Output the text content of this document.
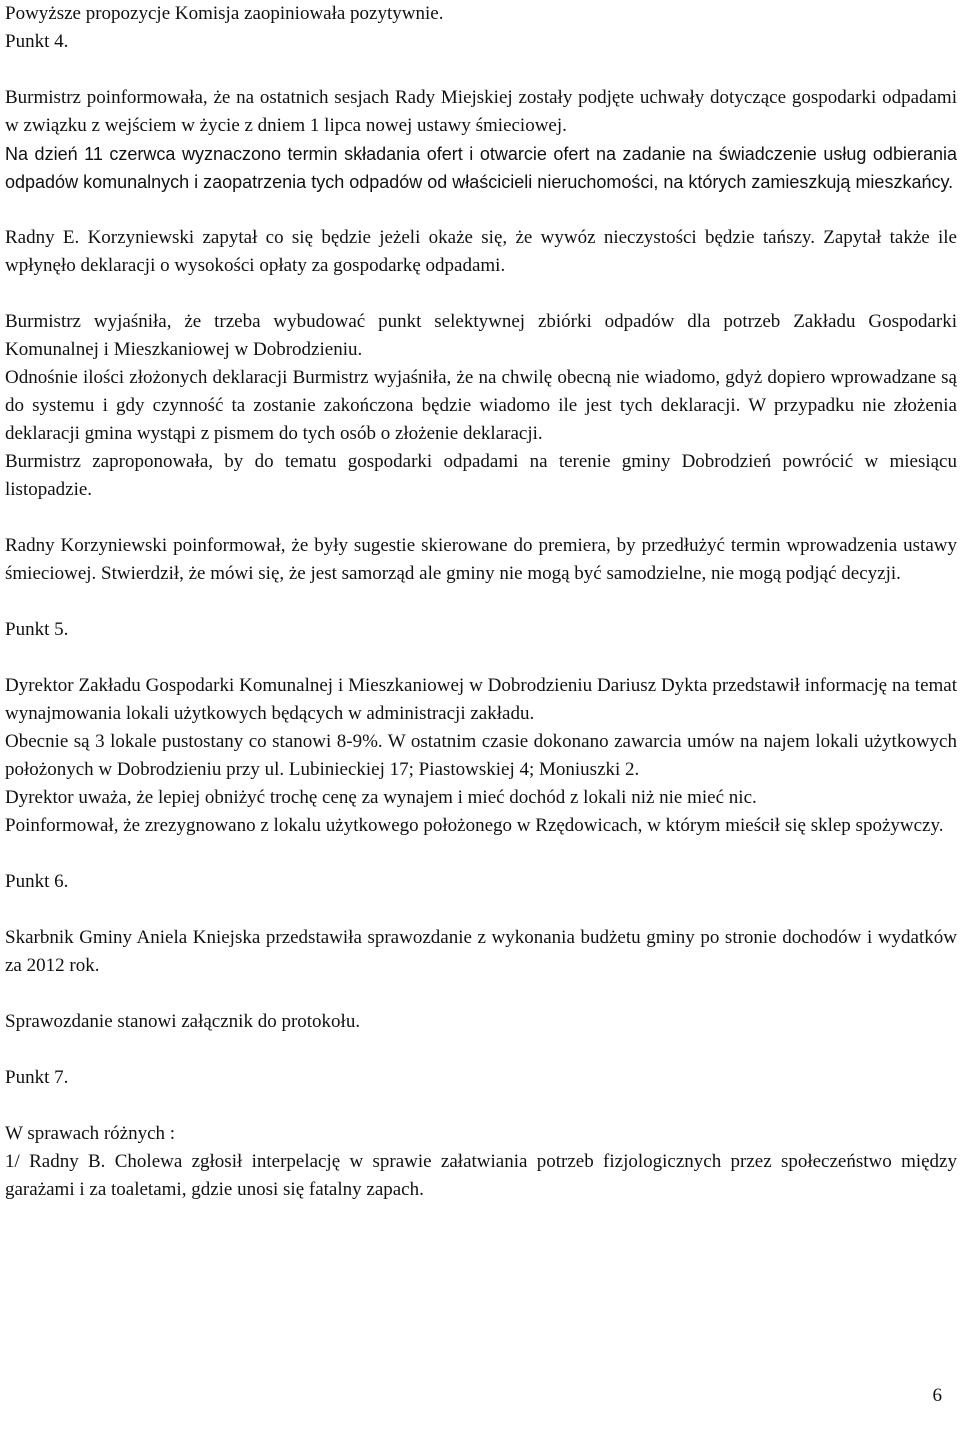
Powyższe propozycje Komisja zaopiniowała pozytywnie.

Punkt 4.

Burmistrz poinformowała, że na ostatnich sesjach Rady Miejskiej zostały podjęte uchwały dotyczące gospodarki odpadami w związku z wejściem w życie z dniem 1 lipca nowej ustawy śmieciowej.

Na dzień 11 czerwca wyznaczono termin składania ofert i otwarcie ofert na zadanie na świadczenie usług odbierania odpadów komunalnych i zaopatrzenia tych odpadów od właścicieli nieruchomości, na których zamieszkują mieszkańcy.

Radny E. Korzyniewski zapytał co się będzie jeżeli okaże się, że wywóz nieczystości będzie tańszy. Zapytał także ile wpłynęło deklaracji o wysokości opłaty za gospodarkę odpadami.

Burmistrz wyjaśniła, że trzeba wybudować punkt selektywnej zbiórki odpadów dla potrzeb Zakładu Gospodarki Komunalnej i Mieszkaniowej w Dobrodzieniu.

Odnośnie ilości złożonych deklaracji Burmistrz wyjaśniła, że na chwilę obecną nie wiadomo, gdyż dopiero wprowadzane są do systemu i gdy czynność ta zostanie zakończona będzie wiadomo ile jest tych deklaracji. W przypadku nie złożenia deklaracji gmina wystąpi z pismem do tych osób o złożenie deklaracji.

Burmistrz zaproponowała, by do tematu gospodarki odpadami na terenie gminy Dobrodzień powrócić w miesiącu listopadzie.

Radny Korzyniewski poinformował, że były sugestie skierowane do premiera, by przedłużyć termin wprowadzenia ustawy śmieciowej. Stwierdził, że mówi się, że jest samorząd ale gminy nie mogą być samodzielne, nie mogą podjąć decyzji.

Punkt 5.

Dyrektor Zakładu Gospodarki Komunalnej i Mieszkaniowej w Dobrodzieniu Dariusz Dykta przedstawił informację na temat wynajmowania lokali użytkowych będących w administracji zakładu.

Obecnie są 3 lokale pustostany co stanowi 8-9%. W ostatnim czasie dokonano zawarcia umów na najem lokali użytkowych położonych w Dobrodzieniu przy ul. Lubinieckiej 17; Piastowskiej 4; Moniuszki 2.

Dyrektor uważa, że lepiej obniżyć trochę cenę za wynajem i mieć dochód z lokali niż nie mieć nic.

Poinformował, że zrezygnowano z lokalu użytkowego położonego w Rzędowicach, w którym mieścił się sklep spożywczy.

Punkt 6.

Skarbnik Gminy Aniela Kniejska przedstawiła sprawozdanie z wykonania budżetu gminy po stronie dochodów i wydatków za 2012 rok.

Sprawozdanie stanowi załącznik do protokołu.

Punkt 7.

W sprawach różnych :

1/ Radny B. Cholewa zgłosił interpelację w sprawie załatwiania potrzeb fizjologicznych przez społeczeństwo między garażami i za toaletami, gdzie unosi się fatalny zapach.

6
